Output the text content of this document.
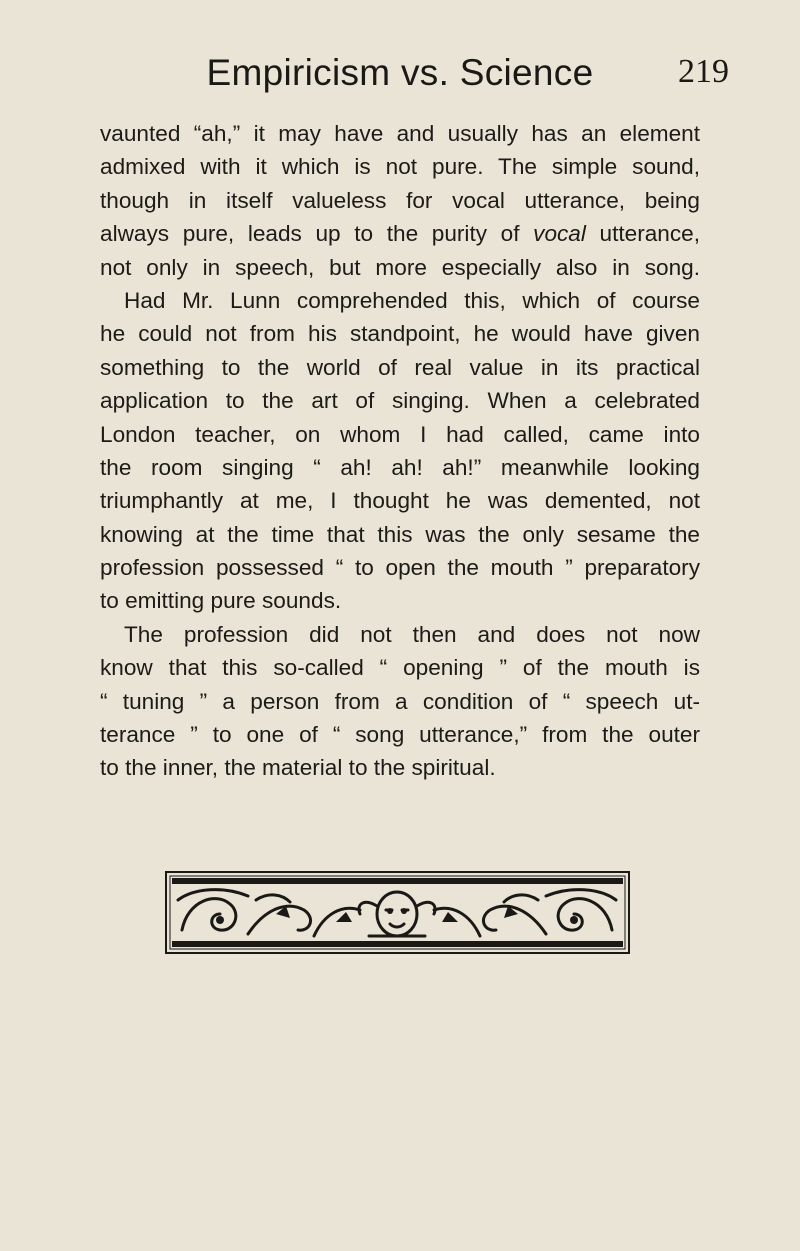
Empiricism vs. Science	219
vaunted “ah,” it may have and usually has an element
admixed with it which is not pure. The simple sound,
though in itself valueless for vocal utterance, being
always pure, leads up to the purity of vocal utterance,
not only in speech, but more especially also in song.
Had Mr. Lunn comprehended this, which of course
he could not from his standpoint, he would have given
something to the world of real value in its practical
application to the art of singing. When a celebrated
London teacher, on whom I had called, came into
the room singing “ ah! ah! ah!” meanwhile looking
triumphantly at me, I thought he was demented, not
knowing at the time that this was the only sesame the
profession possessed “ to open the mouth ” preparatory
to emitting pure sounds.
The profession did not then and does not now
know that this so-called “ opening ” of the mouth is
“ tuning ” a person from a condition of “ speech ut-
terance ” to one of “ song utterance,” from the outer
to the inner, the material to the spiritual.
